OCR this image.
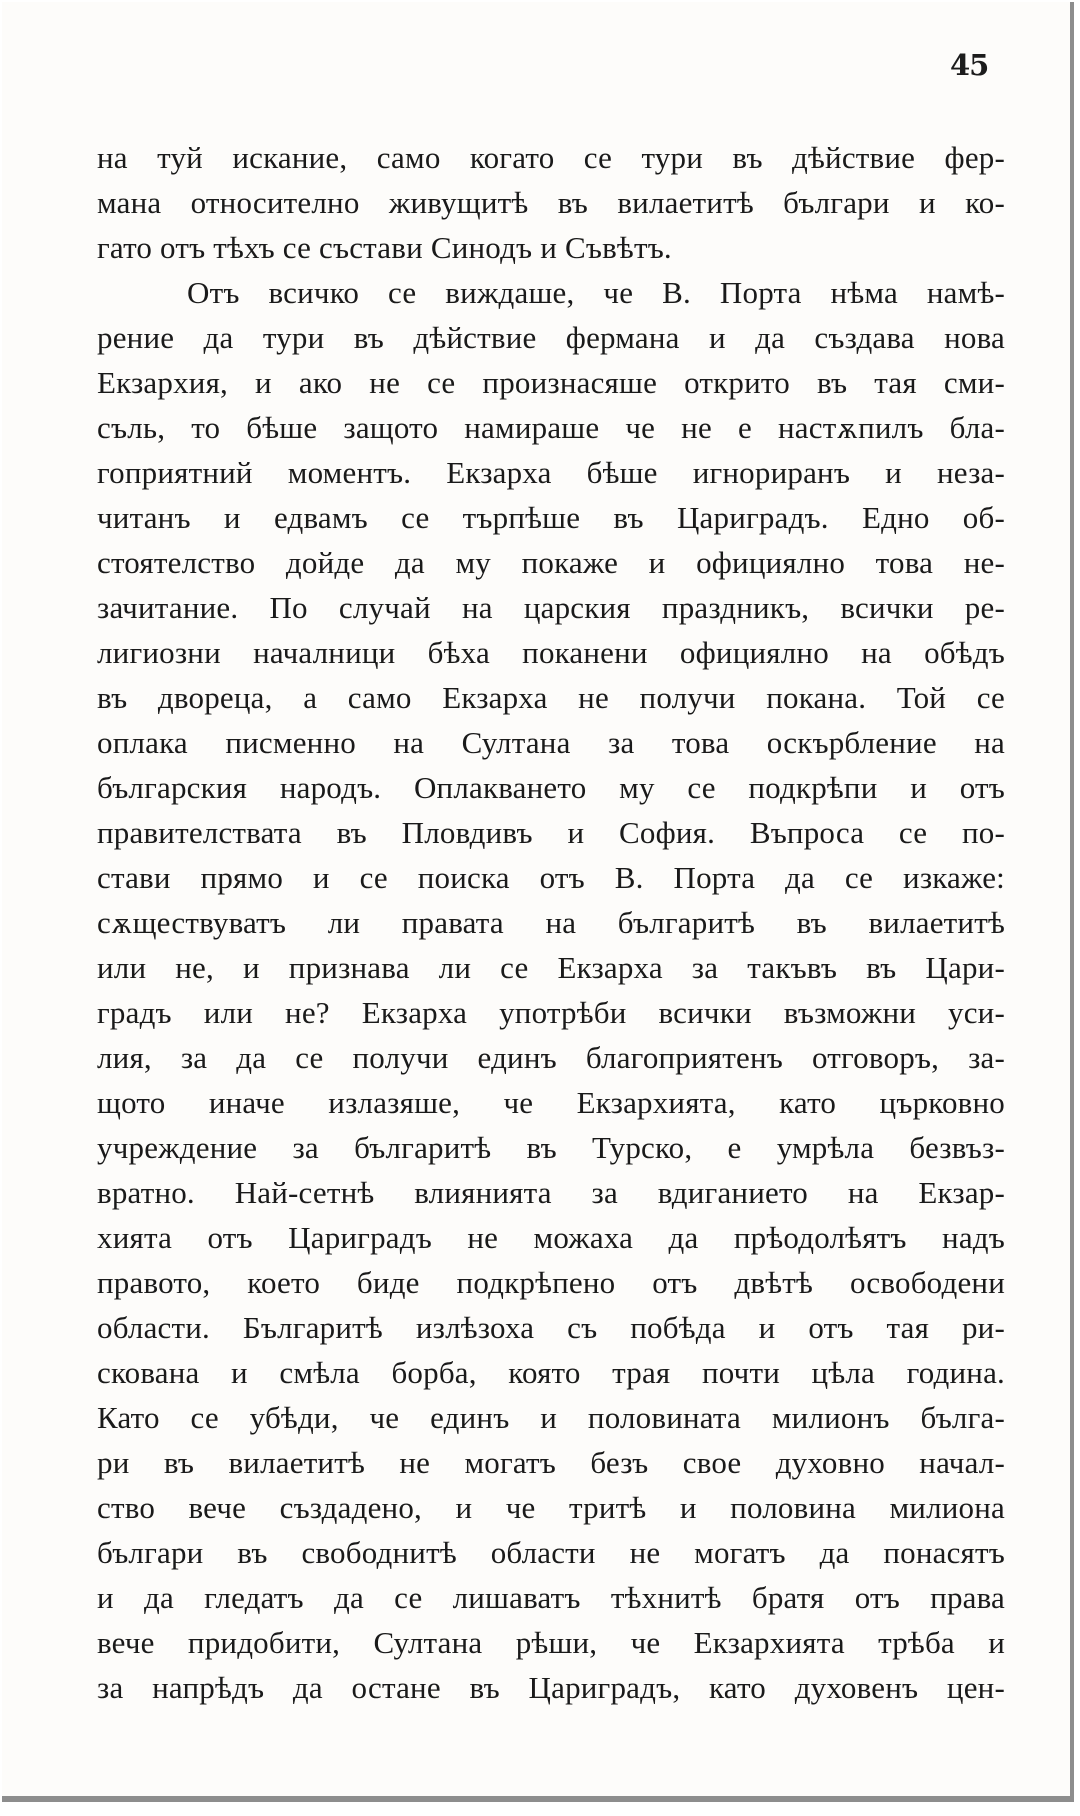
45
на туй искание, само когато се тури въ дѣйствие фер-
мана относително живущитѣ въ вилаетитѣ българи и ко-
гато отъ тѣхъ се състави Синодъ и Съвѣтъ.
Отъ всичко се виждаше, че В. Порта нѣма намѣ-
рение да тури въ дѣйствие фермана и да създава нова
Екзархия, и ако не се произнасяше открито въ тая сми-
съль, то бѣше защото намираше че не е настѫпилъ бла-
гоприятний моментъ. Екзарха бѣше игнориранъ и неза-
читанъ и едвамъ се търпѣше въ Цариградъ. Едно об-
стоятелство дойде да му покаже и официялно това не-
зачитание. По случай на царския праздникъ, всички ре-
лигиозни началници бѣха поканени официялно на обѣдъ
въ двореца, а само Екзарха не получи покана. Той се
оплака писменно на Султана за това оскърбление на
българския народъ. Оплакването му се подкрѣпи и отъ
правителствата въ Пловдивъ и София. Въпроса се по-
стави прямо и се поиска отъ В. Порта да се изкаже:
сѫществуватъ ли правата на българитѣ въ вилаетитѣ
или не, и признава ли се Екзарха за такъвъ въ Цари-
градъ или не? Екзарха употрѣби всички възможни уси-
лия, за да се получи единъ благоприятенъ отговоръ, за-
щото иначе излазяше, че Екзархията, като църковно
учреждение за българитѣ въ Турско, е умрѣла безвъз-
вратно. Най-сетнѣ влиянията за вдиганието на Екзар-
хията отъ Цариградъ не можаха да прѣодолѣятъ надъ
правото, което биде подкрѣпено отъ двѣтѣ освободени
области. Българитѣ излѣзоха съ побѣда и отъ тая ри-
скована и смѣла борба, която трая почти цѣла година.
Като се убѣди, че единъ и половината милионъ бълга-
ри въ вилаетитѣ не могатъ безъ свое духовно начал-
ство вече създадено, и че тритѣ и половина милиона
българи въ свободнитѣ области не могатъ да понасятъ
и да гледатъ да се лишаватъ тѣхнитѣ братя отъ права
вече придобити, Султана рѣши, че Екзархията трѣба и
за напрѣдъ да остане въ Цариградъ, като духовенъ цен-
